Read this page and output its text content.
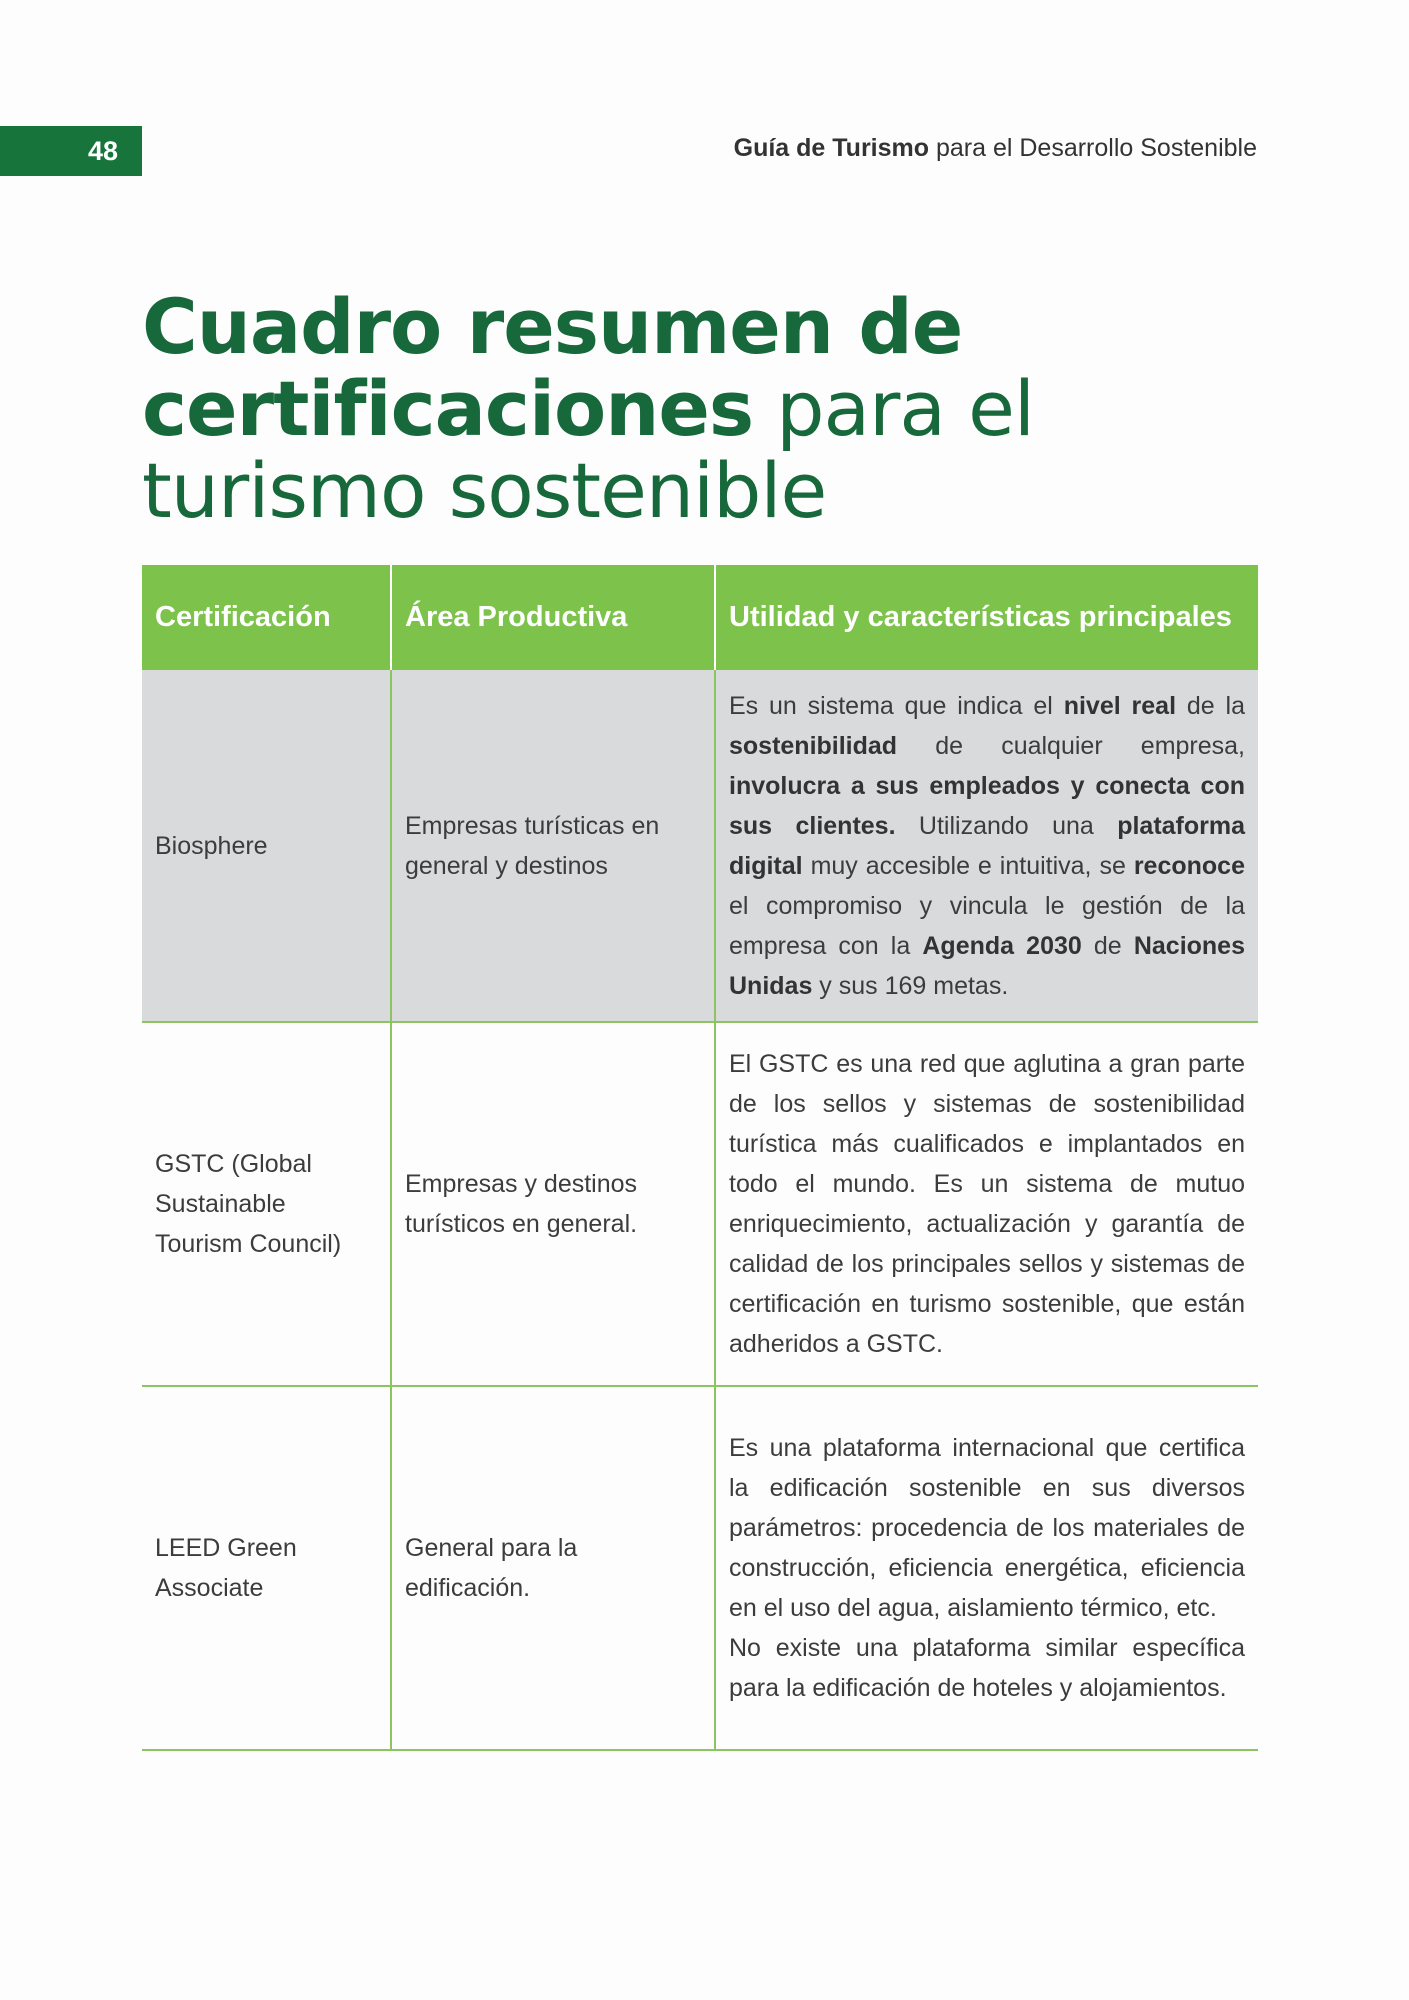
48	Guía de Turismo para el Desarrollo Sostenible
Cuadro resumen de
certificaciones para el
turismo sostenible
Certificación	Área Productiva	Utilidad y características principales
Biosphere	Empresas turísticas en general y destinos	Es un sistema que indica el nivel real de la sostenibilidad de cualquier empresa, involucra a sus empleados y conecta con sus clientes. Utilizando una plataforma digital muy accesible e intuitiva, se reconoce el compromiso y vincula le gestión de la empresa con la Agenda 2030 de Naciones Unidas y sus 169 metas.
GSTC (Global Sustainable Tourism Council)	Empresas y destinos turísticos en general.	El GSTC es una red que aglutina a gran parte de los sellos y sistemas de sostenibilidad turística más cualificados e implantados en todo el mundo. Es un sistema de mutuo enriquecimiento, actualización y garantía de calidad de los principales sellos y sistemas de certificación en turismo sostenible, que están adheridos a GSTC.
LEED Green Associate	General para la edificación.	Es una plataforma internacional que certifica la edificación sostenible en sus diversos parámetros: procedencia de los materiales de construcción, eficiencia energética, eficiencia en el uso del agua, aislamiento térmico, etc.
No existe una plataforma similar específica para la edificación de hoteles y alojamientos.
